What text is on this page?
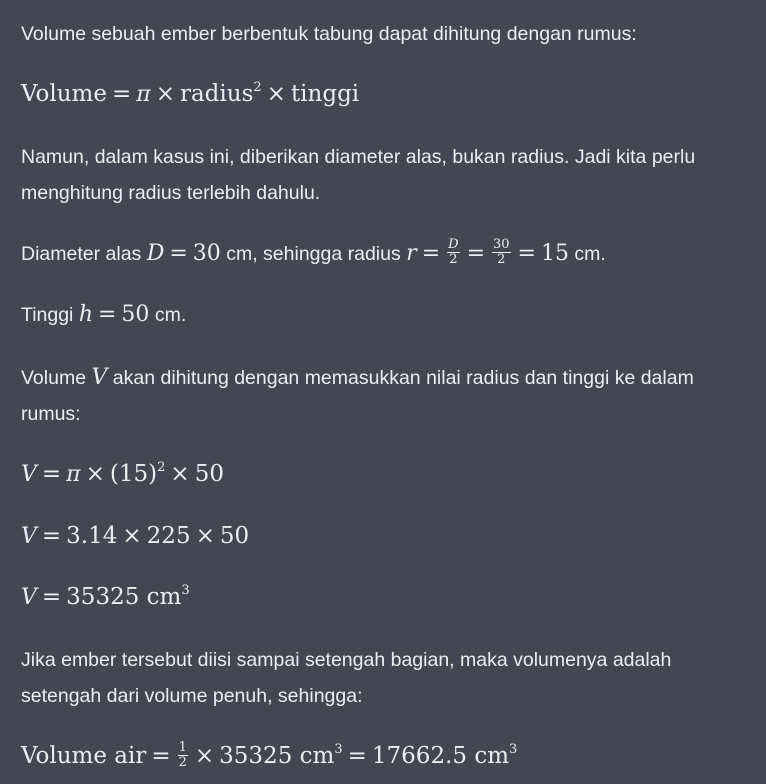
Volume sebuah ember berbentuk tabung dapat dihitung dengan rumus:
Volume = π × radius$^2$ × tinggi
Namun, dalam kasus ini, diberikan diameter alas, bukan radius. Jadi kita perlu menghitung radius terlebih dahulu.
Diameter alas D = 30 cm, sehingga radius $r = \frac{D}{2} = \frac{30}{2} = 15$ cm.
Tinggi h = 50 cm.
Volume V akan dihitung dengan memasukkan nilai radius dan tinggi ke dalam rumus:
$V = \pi \times (15)^2 \times 50$
V = 3.14 × 225 × 50
V = 35325 $cm^3$
Jika ember tersebut diisi sampai setengah bagian, maka volumenya adalah setengah dari volume penuh, sehingga:
Volume air = $\frac{1}{2} \times 35325$ $cm^3 = 17662.5$ $cm^3$
